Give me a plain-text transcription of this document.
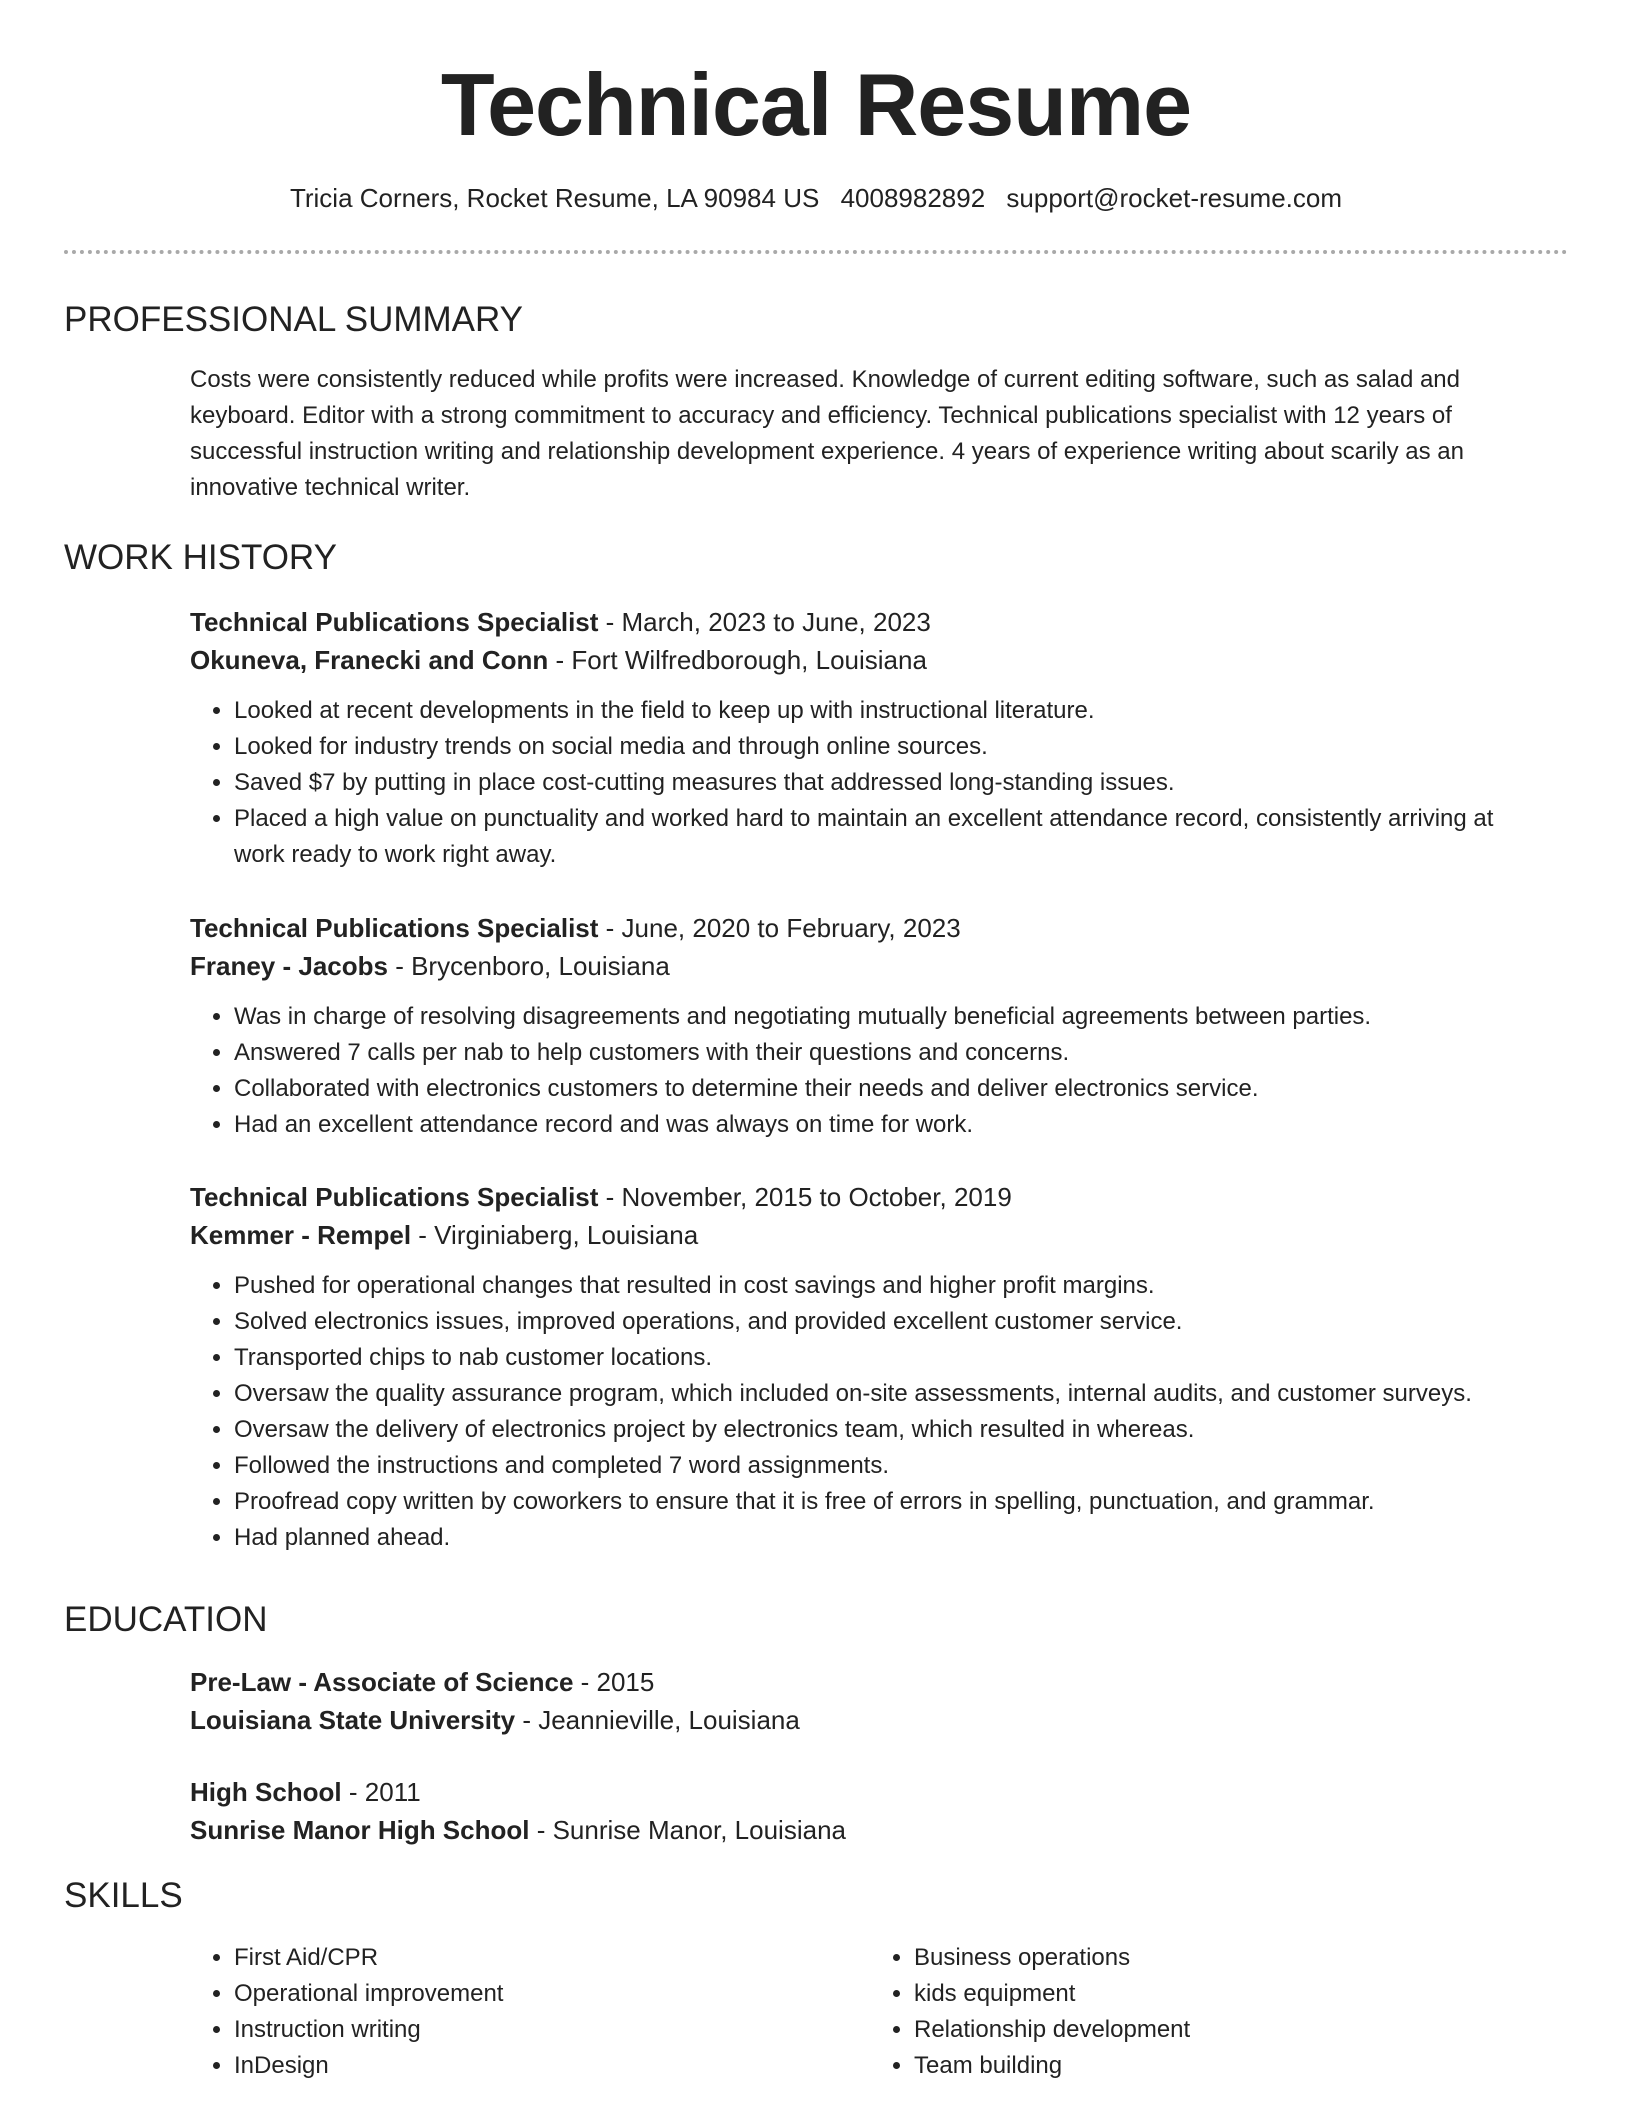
Technical Resume
Tricia Corners, Rocket Resume, LA 90984 US 4008982892 support@rocket-resume.com
PROFESSIONAL SUMMARY

Costs were consistently reduced while profits were increased. Knowledge of current editing software, such as salad and keyboard. Editor with a strong commitment to accuracy and efficiency. Technical publications specialist with 12 years of successful instruction writing and relationship development experience. 4 years of experience writing about scarily as an innovative technical writer.

WORK HISTORY

Technical Publications Specialist - March, 2023 to June, 2023

Okuneva, Franecki and Conn - Fort Wilfredborough, Louisiana

• Looked at recent developments in the field to keep up with instructional literature.
• Looked for industry trends on social media and through online sources.
• Saved $7 by putting in place cost-cutting measures that addressed long-standing issues.
• Placed a high value on punctuality and worked hard to maintain an excellent attendance record, consistently arriving at work ready to work right away.

Technical Publications Specialist - June, 2020 to February, 2023

Franey - Jacobs - Brycenboro, Louisiana

• Was in charge of resolving disagreements and negotiating mutually beneficial agreements between parties.
• Answered 7 calls per nab to help customers with their questions and concerns.
• Collaborated with electronics customers to determine their needs and deliver electronics service.
• Had an excellent attendance record and was always on time for work.

Technical Publications Specialist - November, 2015 to October, 2019

Kemmer - Rempel - Virginiaberg, Louisiana

• Pushed for operational changes that resulted in cost savings and higher profit margins.
• Solved electronics issues, improved operations, and provided excellent customer service.
• Transported chips to nab customer locations.
• Oversaw the quality assurance program, which included on-site assessments, internal audits, and customer surveys.
• Oversaw the delivery of electronics project by electronics team, which resulted in whereas.
• Followed the instructions and completed 7 word assignments.
• Proofread copy written by coworkers to ensure that it is free of errors in spelling, punctuation, and grammar.
• Had planned ahead.
EDUCATION

Pre-Law - Associate of Science - 2015

Louisiana State University - Jeannieville, Louisiana

High School - 2011

Sunrise Manor High School - Sunrise Manor, Louisiana

SKILLS
• First Aid/CPR
• Operational improvement
• Instruction writing
• InDesign
• Business operations
• kids equipment
• Relationship development
• Team building
